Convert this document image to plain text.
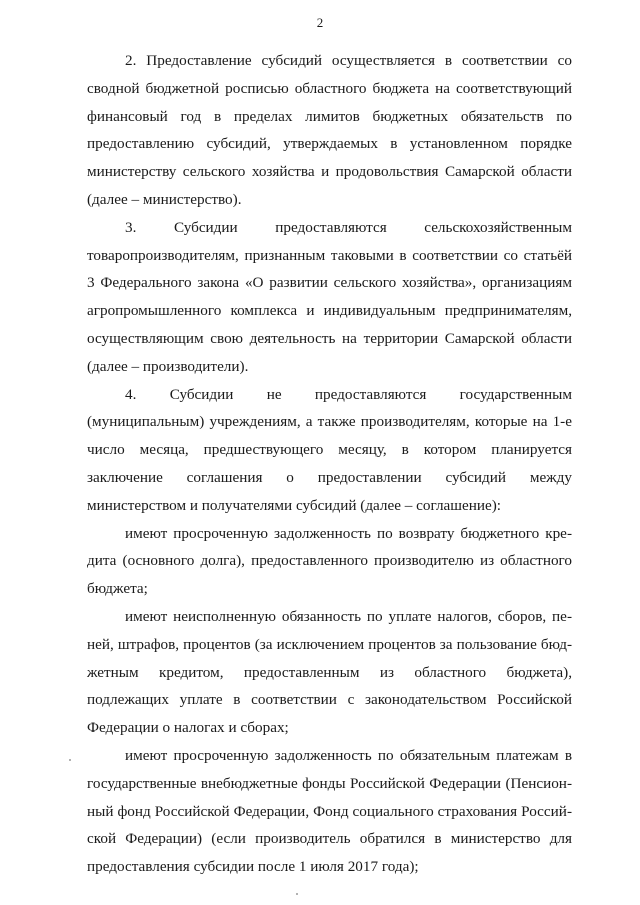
2

2. Предоставление субсидий осуществляется в соответствии со сводной бюджетной росписью областного бюджета на соответствующий финансовый год в пределах лимитов бюджетных обязательств по предоставлению субсидий, утверждаемых в установленном порядке министерству сельского хозяйства и продовольствия Самарской области (далее – министерство).

3. Субсидии предоставляются сельскохозяйственным товаропроизводителям, признанным таковыми в соответствии со статьёй 3 Федерального закона «О развитии сельского хозяйства», организациям агропромышленного комплекса и индивидуальным предпринимателям, осуществляющим свою деятельность на территории Самарской области (далее – производители).

4. Субсидии не предоставляются государственным (муниципальным) учреждениям, а также производителям, которые на 1-е число месяца, предшествующего месяцу, в котором планируется заключение соглашения о предоставлении субсидий между министерством и получателями субсидий (далее – соглашение):

имеют просроченную задолженность по возврату бюджетного кредита (основного долга), предоставленного производителю из областного бюджета;

имеют неисполненную обязанность по уплате налогов, сборов, пеней, штрафов, процентов (за исключением процентов за пользование бюджетным кредитом, предоставленным из областного бюджета), подлежащих уплате в соответствии с законодательством Российской Федерации о налогах и сборах;

имеют просроченную задолженность по обязательным платежам в государственные внебюджетные фонды Российской Федерации (Пенсионный фонд Российской Федерации, Фонд социального страхования Российской Федерации) (если производитель обратился в министерство для предоставления субсидии после 1 июля 2017 года);
